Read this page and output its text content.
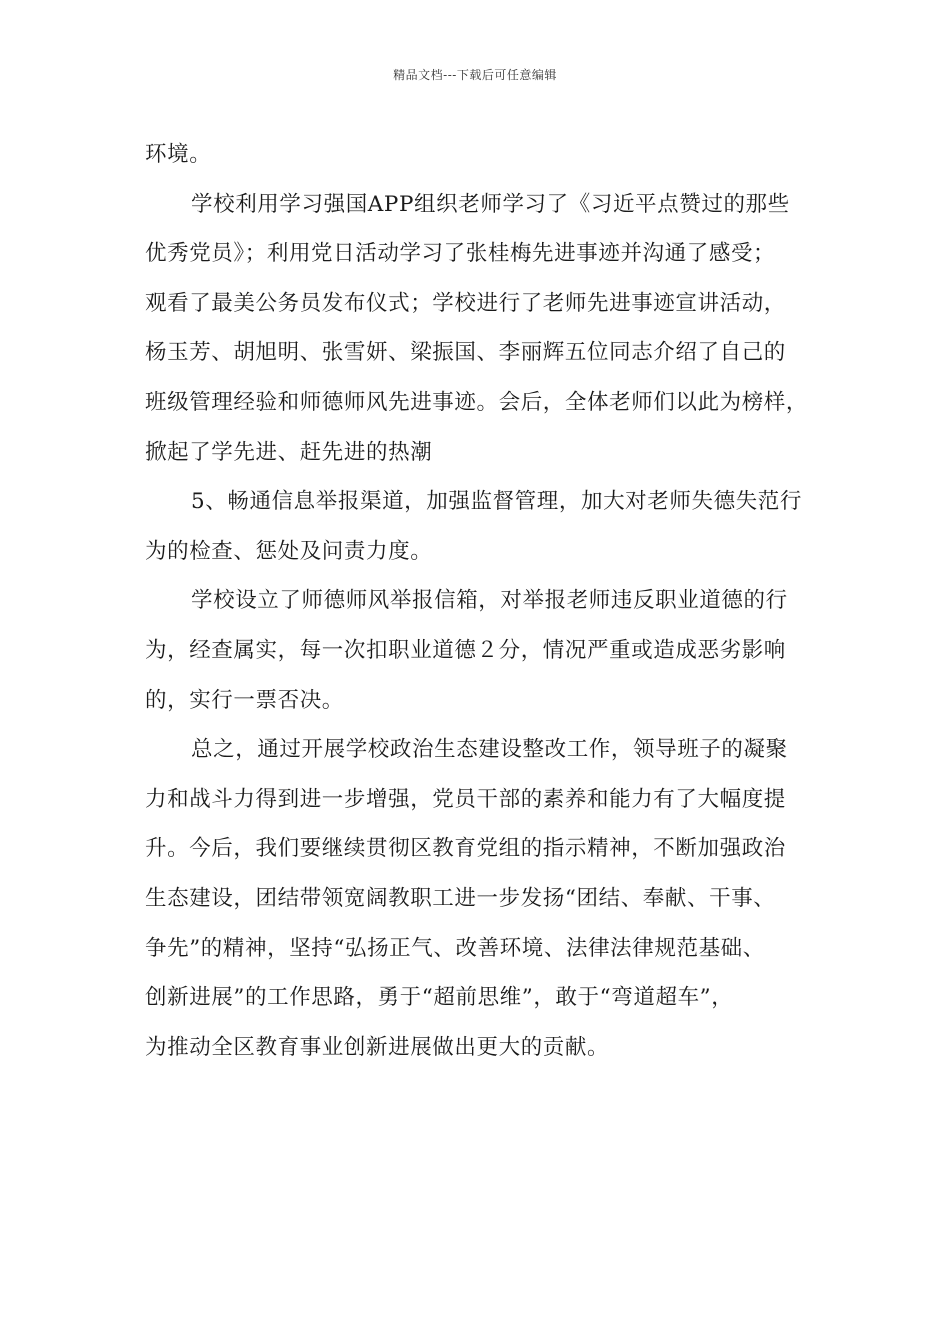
精品文档---下载后可任意编辑
环境。
学校利用学习强国APP组织老师学习了《习近平点赞过的那些
优秀党员》；利用党日活动学习了张桂梅先进事迹并沟通了感受；
观看了最美公务员发布仪式；学校进行了老师先进事迹宣讲活动，
杨玉芳、胡旭明、张雪妍、梁振国、李丽辉五位同志介绍了自己的
班级管理经验和师德师风先进事迹。会后，全体老师们以此为榜样，
掀起了学先进、赶先进的热潮
5、畅通信息举报渠道，加强监督管理，加大对老师失德失范行
为的检查、惩处及问责力度。
学校设立了师德师风举报信箱，对举报老师违反职业道德的行
为，经查属实，每一次扣职业道德２分，情况严重或造成恶劣影响
的，实行一票否决。
总之，通过开展学校政治生态建设整改工作，领导班子的凝聚
力和战斗力得到进一步增强，党员干部的素养和能力有了大幅度提
升。今后，我们要继续贯彻区教育党组的指示精神，不断加强政治
生态建设，团结带领宽阔教职工进一步发扬“团结、奉献、干事、
争先”的精神，坚持“弘扬正气、改善环境、法律法律规范基础、
创新进展”的工作思路，勇于“超前思维”，敢于“弯道超车”，
为推动全区教育事业创新进展做出更大的贡献。
